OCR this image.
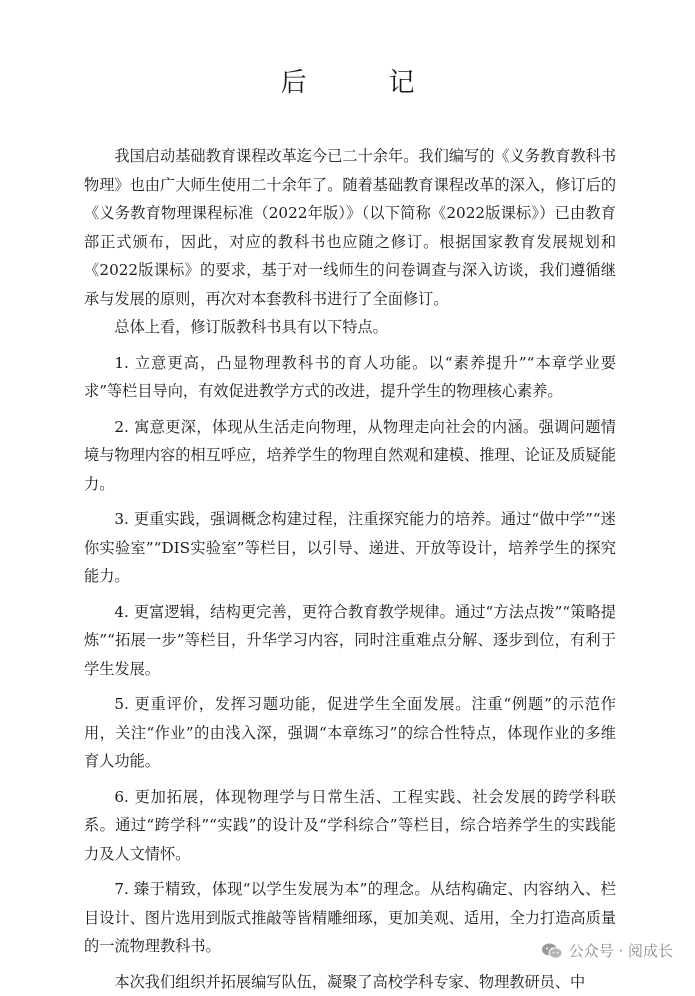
后　记

我国启动基础教育课程改革迄今已二十余年。我们编写的《义务教育教科书　物理》也由广大师生使用二十余年了。随着基础教育课程改革的深入，修订后的《义务教育物理课程标准（2022年版）》（以下简称《2022版课标》）已由教育部正式颁布，因此，对应的教科书也应随之修订。根据国家教育发展规划和《2022版课标》的要求，基于对一线师生的问卷调查与深入访谈，我们遵循继承与发展的原则，再次对本套教科书进行了全面修订。

总体上看，修订版教科书具有以下特点。

1. 立意更高，凸显物理教科书的育人功能。以“素养提升”“本章学业要求”等栏目导向，有效促进教学方式的改进，提升学生的物理核心素养。

2. 寓意更深，体现从生活走向物理，从物理走向社会的内涵。强调问题情境与物理内容的相互呼应，培养学生的物理自然观和建模、推理、论证及质疑能力。

3. 更重实践，强调概念构建过程，注重探究能力的培养。通过“做中学”“迷你实验室”“DIS实验室”等栏目，以引导、递进、开放等设计，培养学生的探究能力。

4. 更富逻辑，结构更完善，更符合教育教学规律。通过“方法点拨”“策略提炼”“拓展一步”等栏目，升华学习内容，同时注重难点分解、逐步到位，有利于学生发展。

5. 更重评价，发挥习题功能，促进学生全面发展。注重“例题”的示范作用，关注“作业”的由浅入深，强调“本章练习”的综合性特点，体现作业的多维育人功能。

6. 更加拓展，体现物理学与日常生活、工程实践、社会发展的跨学科联系。通过“跨学科”“实践”的设计及“学科综合”等栏目，综合培养学生的实践能力及人文情怀。

7. 臻于精致，体现“以学生发展为本”的理念。从结构确定、内容纳入、栏目设计、图片选用到版式推敲等皆精雕细琢，更加美观、适用，全力打造高质量的一流物理教科书。

本次我们组织并拓展编写队伍，凝聚了高校学科专家、物理教研员、中

公众号 · 阅成长
